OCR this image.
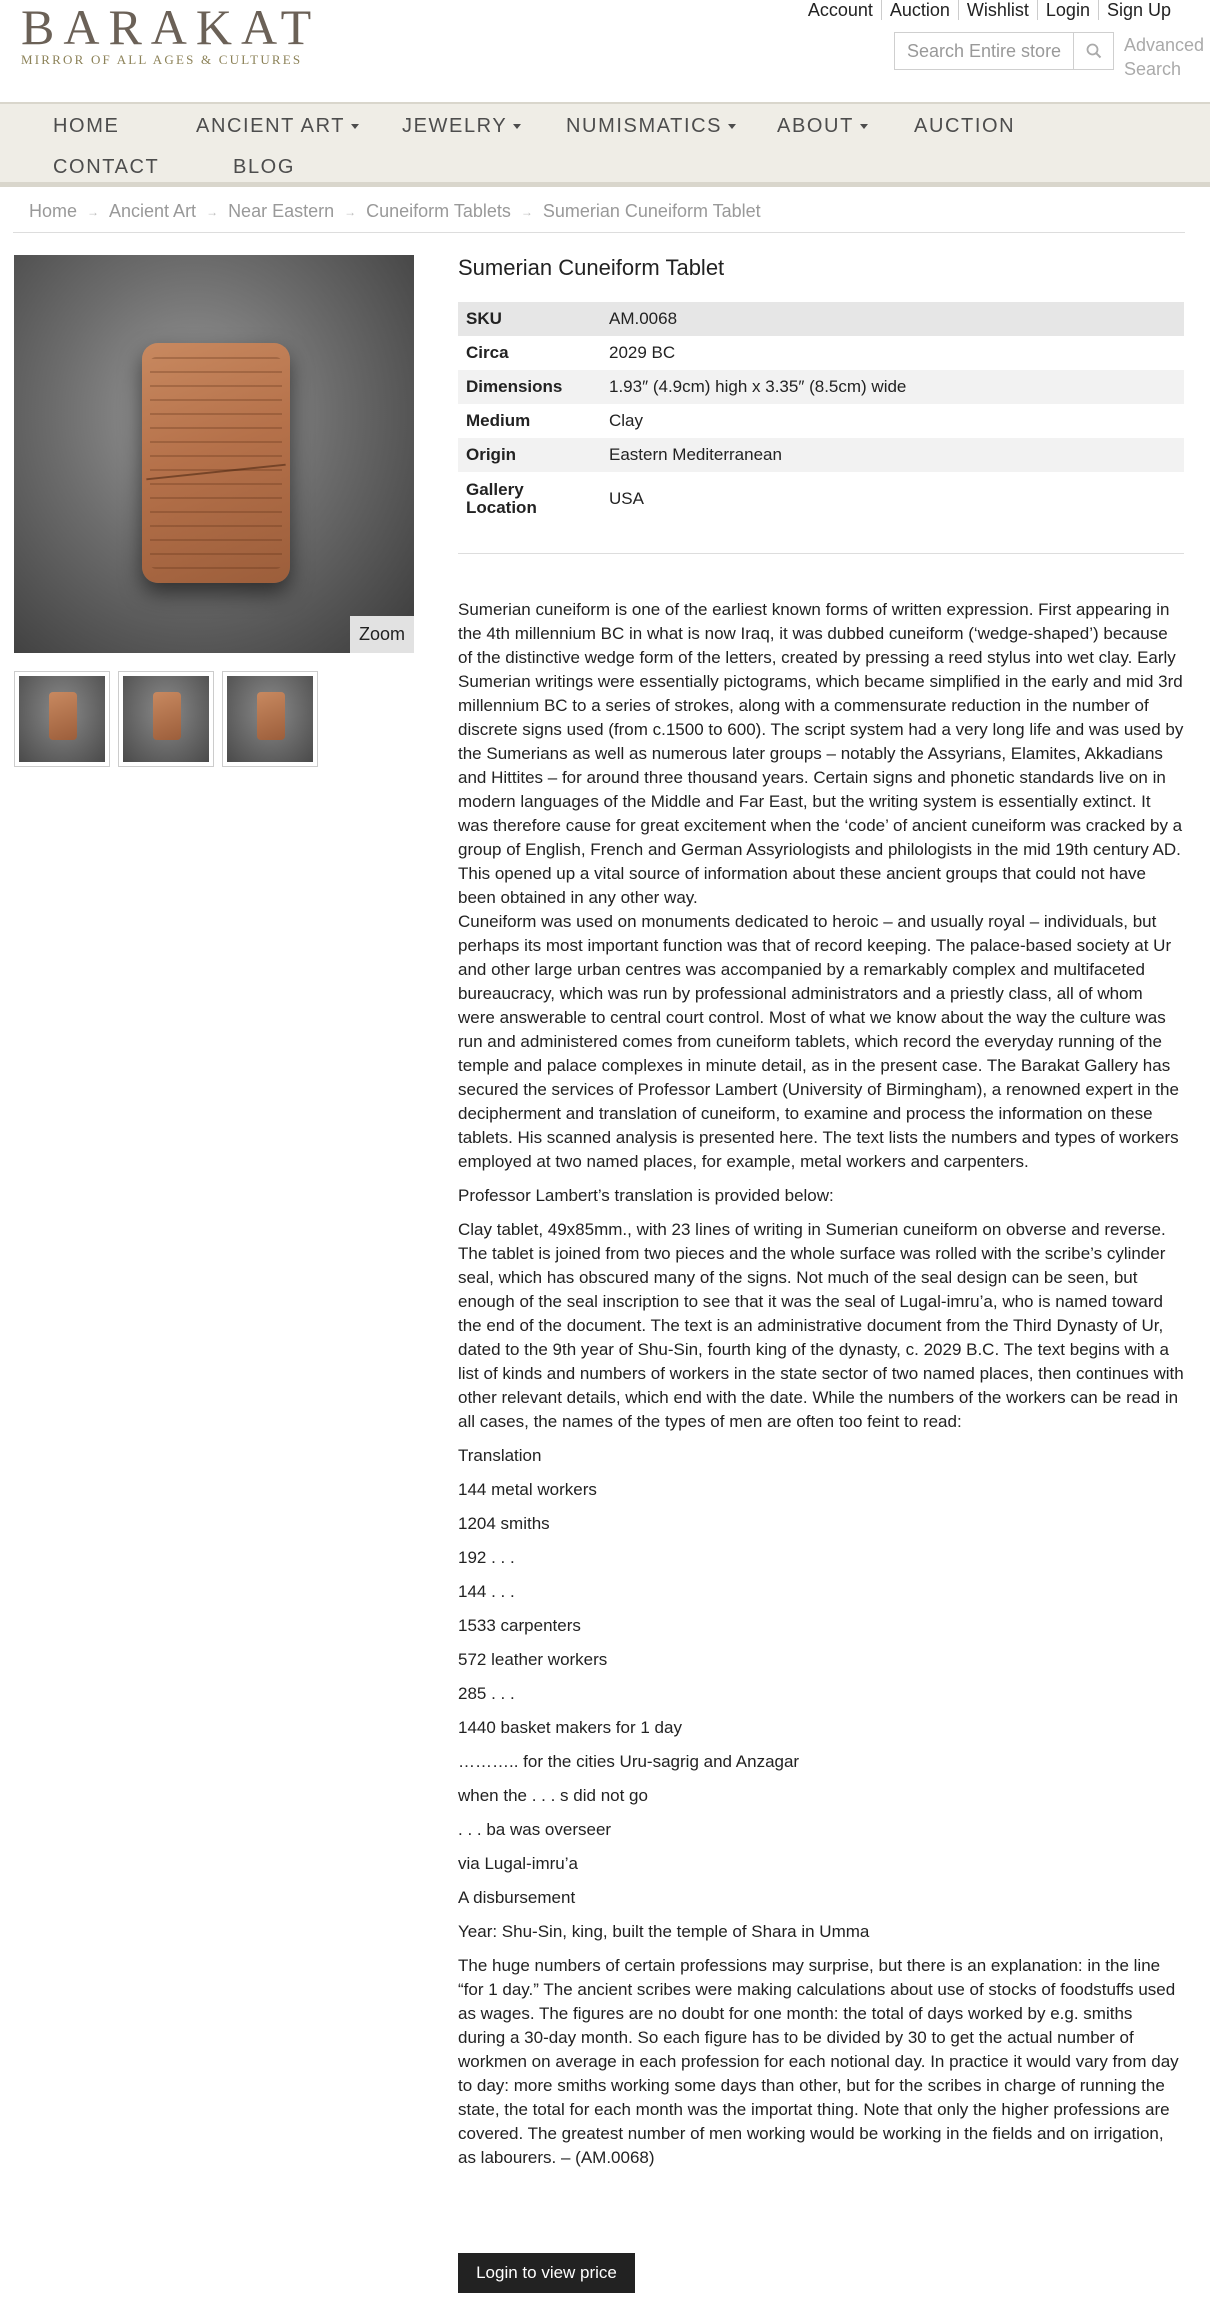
BARAKAT
MIRROR OF ALL AGES & CULTURES
Account Auction Wishlist Login Sign Up
Search Entire store
Advanced Search
HOME	ANCIENT ART	JEWELRY	NUMISMATICS	ABOUT	AUCTION
CONTACT	BLOG
Home → Ancient Art → Near Eastern → Cuneiform Tablets → Sumerian Cuneiform Tablet
Zoom
Sumerian Cuneiform Tablet
SKU	AM.0068
Circa	2029 BC
Dimensions	1.93″ (4.9cm) high x 3.35″ (8.5cm) wide
Medium	Clay
Origin	Eastern Mediterranean
Gallery Location	USA

Sumerian cuneiform is one of the earliest known forms of written expression. First appearing in the 4th millennium BC in what is now Iraq, it was dubbed cuneiform (‘wedge-shaped’) because of the distinctive wedge form of the letters, created by pressing a reed stylus into wet clay. Early Sumerian writings were essentially pictograms, which became simplified in the early and mid 3rd millennium BC to a series of strokes, along with a commensurate reduction in the number of discrete signs used (from c.1500 to 600). The script system had a very long life and was used by the Sumerians as well as numerous later groups – notably the Assyrians, Elamites, Akkadians and Hittites – for around three thousand years. Certain signs and phonetic standards live on in modern languages of the Middle and Far East, but the writing system is essentially extinct. It was therefore cause for great excitement when the ‘code’ of ancient cuneiform was cracked by a group of English, French and German Assyriologists and philologists in the mid 19th century AD. This opened up a vital source of information about these ancient groups that could not have been obtained in any other way.

Cuneiform was used on monuments dedicated to heroic – and usually royal – individuals, but perhaps its most important function was that of record keeping. The palace-based society at Ur and other large urban centres was accompanied by a remarkably complex and multifaceted bureaucracy, which was run by professional administrators and a priestly class, all of whom were answerable to central court control. Most of what we know about the way the culture was run and administered comes from cuneiform tablets, which record the everyday running of the temple and palace complexes in minute detail, as in the present case. The Barakat Gallery has secured the services of Professor Lambert (University of Birmingham), a renowned expert in the decipherment and translation of cuneiform, to examine and process the information on these tablets. His scanned analysis is presented here. The text lists the numbers and types of workers employed at two named places, for example, metal workers and carpenters.

Professor Lambert’s translation is provided below:

Clay tablet, 49x85mm., with 23 lines of writing in Sumerian cuneiform on obverse and reverse. The tablet is joined from two pieces and the whole surface was rolled with the scribe’s cylinder seal, which has obscured many of the signs. Not much of the seal design can be seen, but enough of the seal inscription to see that it was the seal of Lugal-imru’a, who is named toward the end of the document. The text is an administrative document from the Third Dynasty of Ur, dated to the 9th year of Shu-Sin, fourth king of the dynasty, c. 2029 B.C. The text begins with a list of kinds and numbers of workers in the state sector of two named places, then continues with other relevant details, which end with the date. While the numbers of the workers can be read in all cases, the names of the types of men are often too feint to read:

Translation

144 metal workers

1204 smiths

192 . . .

144 . . .

1533 carpenters

572 leather workers

285 . . .

1440 basket makers for 1 day

……….. for the cities Uru-sagrig and Anzagar

when the . . . s did not go

. . . ba was overseer

via Lugal-imru’a

A disbursement

Year: Shu-Sin, king, built the temple of Shara in Umma

The huge numbers of certain professions may surprise, but there is an explanation: in the line “for 1 day.” The ancient scribes were making calculations about use of stocks of foodstuffs used as wages. The figures are no doubt for one month: the total of days worked by e.g. smiths during a 30-day month. So each figure has to be divided by 30 to get the actual number of workmen on average in each profession for each notional day. In practice it would vary from day to day: more smiths working some days than other, but for the scribes in charge of running the state, the total for each month was the importat thing. Note that only the higher professions are covered. The greatest number of men working would be working in the fields and on irrigation, as labourers. – (AM.0068)

Login to view price
